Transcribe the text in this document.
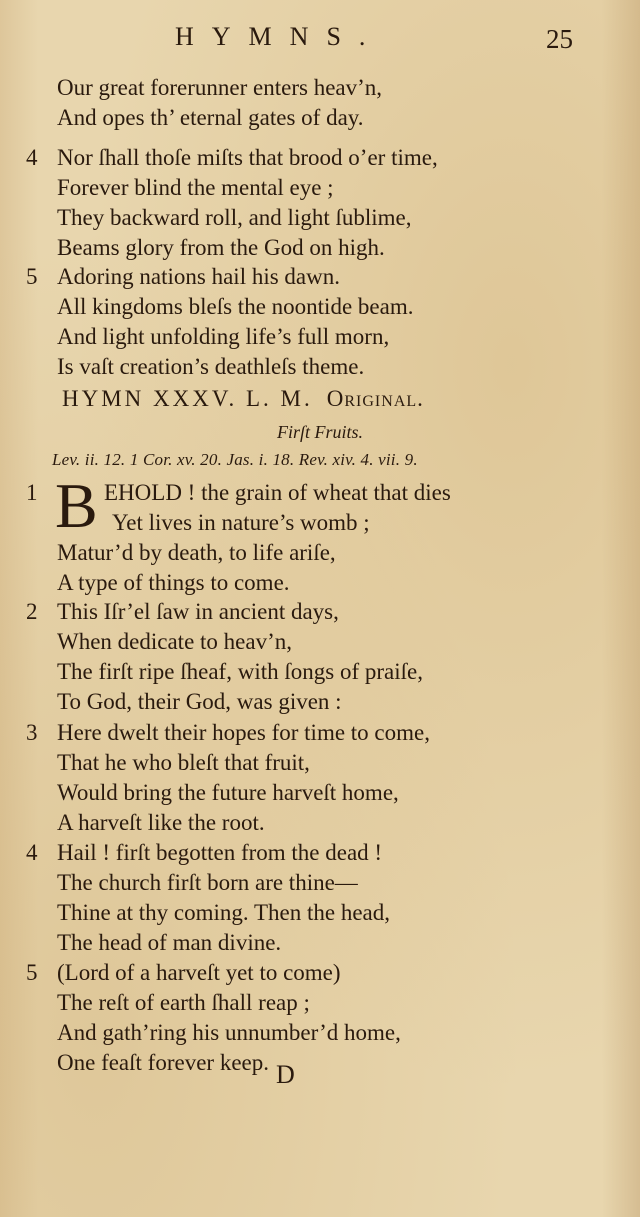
HYMNS.	25
Our great forerunner enters heav’n,
And opes th’ eternal gates of day.
4 Nor ſhall thoſe miſts that brood o’er time,
Forever blind the mental eye ;
They backward roll, and light ſublime,
Beams glory from the God on high.
5 Adoring nations hail his dawn.
All kingdoms bleſs the noontide beam.
And light unfolding life’s full morn,
Is vaſt creation’s deathleſs theme.
HYMN XXXV. L. M. Original.
Firſt Fruits.
Lev. ii. 12. 1 Cor. xv. 20. Jas. i. 18. Rev. xiv. 4. vii. 9.
1 B EHOLD ! the grain of wheat that dies
Yet lives in nature’s womb ;
Matur’d by death, to life ariſe,
A type of things to come.
2 This Iſr’el ſaw in ancient days,
When dedicate to heav’n,
The firſt ripe ſheaf, with ſongs of praiſe,
To God, their God, was given :
3 Here dwelt their hopes for time to come,
That he who bleſt that fruit,
Would bring the future harveſt home,
A harveſt like the root.
4 Hail ! firſt begotten from the dead !
The church firſt born are thine—
Thine at thy coming. Then the head,
The head of man divine.
5 (Lord of a harveſt yet to come)
The reſt of earth ſhall reap ;
And gath’ring his unnumber’d home,
One feaſt forever keep. D
